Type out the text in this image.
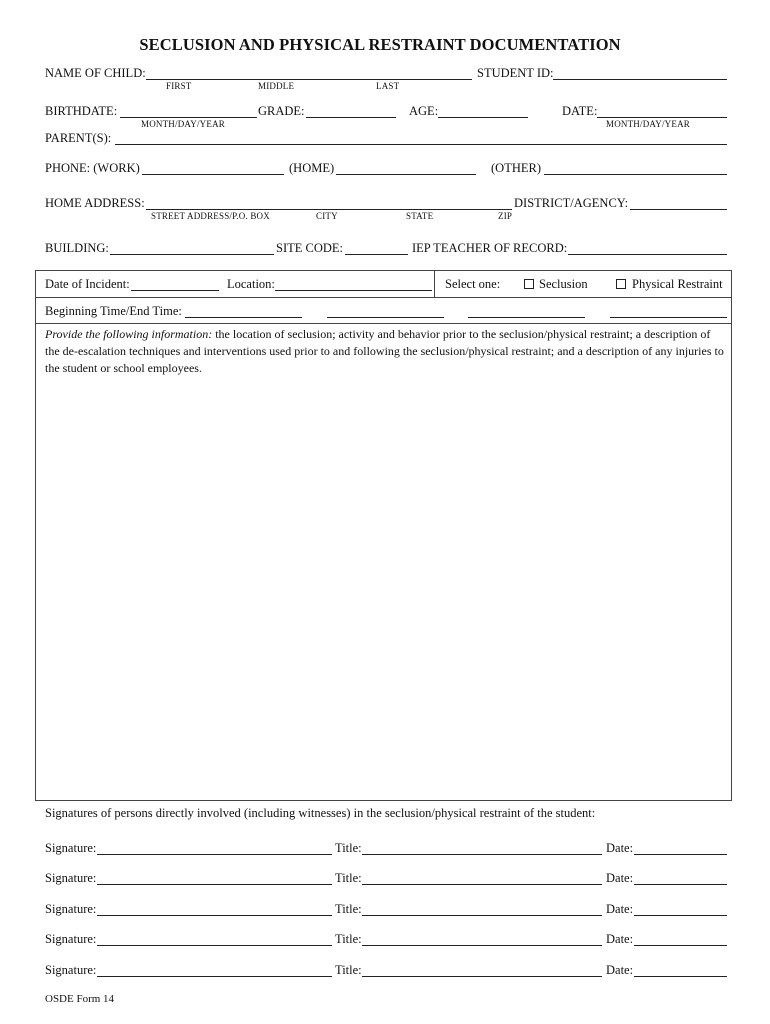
SECLUSION AND PHYSICAL RESTRAINT DOCUMENTATION
NAME OF CHILD:
FIRST	MIDDLE	LAST
STUDENT ID:
BIRTHDATE:
MONTH/DAY/YEAR
GRADE:	AGE:	DATE:
MONTH/DAY/YEAR
PARENT(S):
PHONE: (WORK)	(HOME)	(OTHER)
HOME ADDRESS:
STREET ADDRESS/P.O. BOX	CITY	STATE	ZIP
DISTRICT/AGENCY:
BUILDING:	SITE CODE:	IEP TEACHER OF RECORD:
Date of Incident:	Location:	Select one:	Seclusion	Physical Restraint
Beginning Time/End Time:
Provide the following information: the location of seclusion; activity and behavior prior to the seclusion/physical restraint; a description of the de-escalation techniques and interventions used prior to and following the seclusion/physical restraint; and a description of any injuries to the student or school employees.
Signatures of persons directly involved (including witnesses) in the seclusion/physical restraint of the student:
Signature:	Title:	Date:
Signature:	Title:	Date:
Signature:	Title:	Date:
Signature:	Title:	Date:
Signature:	Title:	Date:
OSDE Form 14
